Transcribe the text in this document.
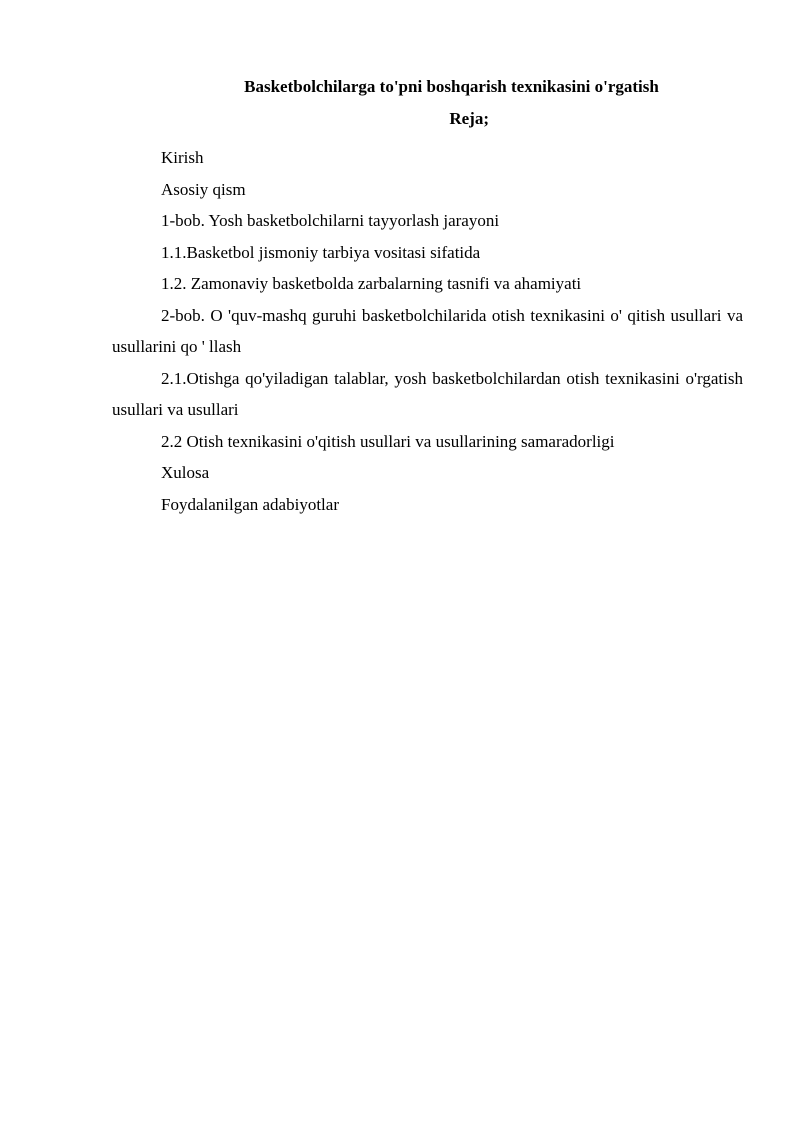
Basketbolchilarga to'pni boshqarish texnikasini o'rgatish
Reja;

Kirish

Asosiy qism

1-bob. Yosh basketbolchilarni tayyorlash jarayoni

1.1.Basketbol jismoniy tarbiya vositasi sifatida

1.2. Zamonaviy basketbolda zarbalarning tasnifi va ahamiyati

2-bob. O 'quv-mashq guruhi basketbolchilarida otish texnikasini o' qitish usullari va usullarini qo ' llash

2.1.Otishga qo'yiladigan talablar, yosh basketbolchilardan otish texnikasini o'rgatish usullari va usullari

2.2 Otish texnikasini o'qitish usullari va usullarining samaradorligi

Xulosa

Foydalanilgan adabiyotlar
